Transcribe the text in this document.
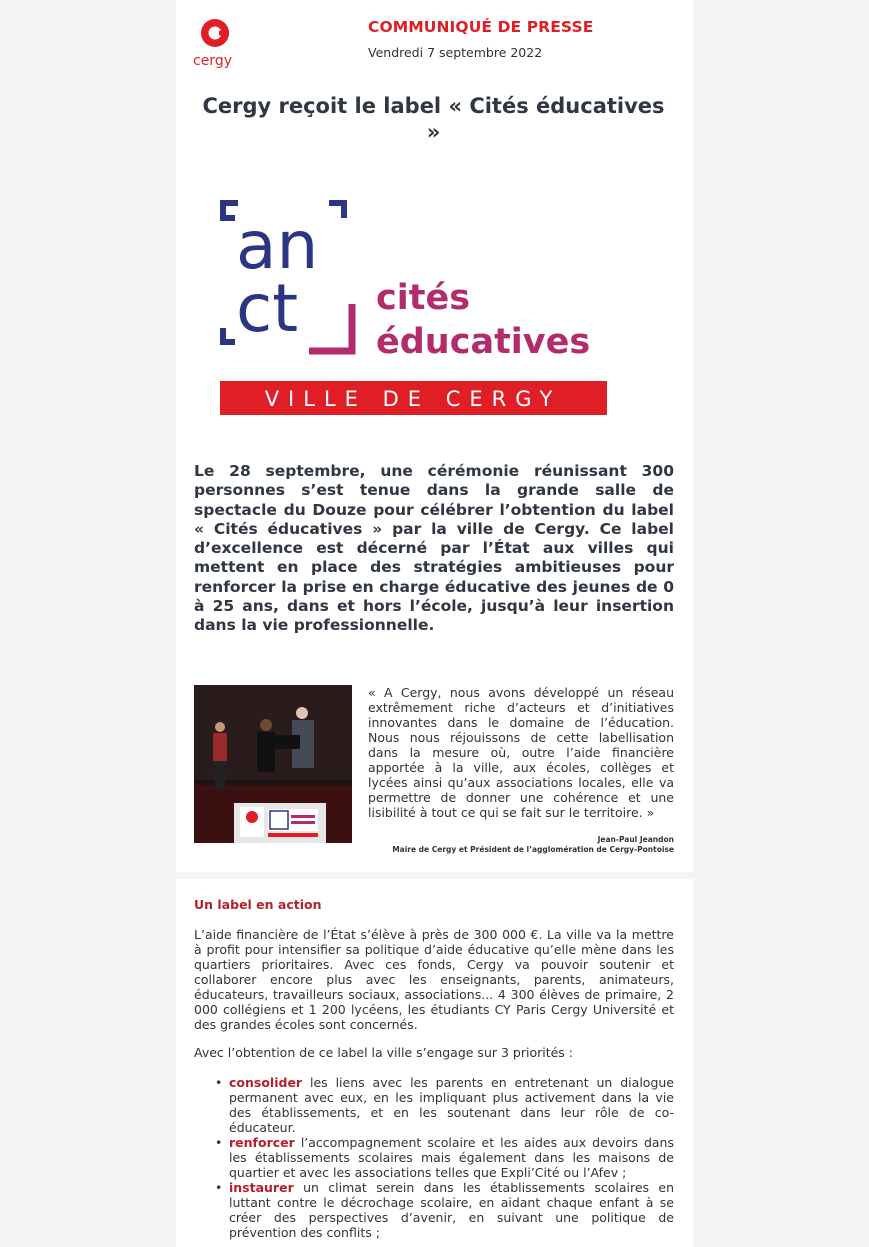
cergy
COMMUNIQUÉ DE PRESSE
Vendredi 7 septembre 2022
Cergy reçoit le label « Cités éducatives »
an
ct cités
éducatives
VILLE DE CERGY
Le 28 septembre, une cérémonie réunissant 300 personnes s’est tenue dans la grande salle de spectacle du Douze pour célébrer l’obtention du label « Cités éducatives » par la ville de Cergy. Ce label d’excellence est décerné par l’État aux villes qui mettent en place des stratégies ambitieuses pour renforcer la prise en charge éducative des jeunes de 0 à 25 ans, dans et hors l’école, jusqu’à leur insertion dans la vie professionnelle.
« A Cergy, nous avons développé un réseau extrêmement riche d’acteurs et d’initiatives innovantes dans le domaine de l’éducation. Nous nous réjouissons de cette labellisation dans la mesure où, outre l’aide financière apportée à la ville, aux écoles, collèges et lycées ainsi qu’aux associations locales, elle va permettre de donner une cohérence et une lisibilité à tout ce qui se fait sur le territoire. »
Jean-Paul Jeandon
Maire de Cergy et Président de l’agglomération de Cergy-Pontoise
Un label en action
L’aide financière de l’État s’élève à près de 300 000 €. La ville va la mettre à profit pour intensifier sa politique d’aide éducative qu’elle mène dans les quartiers prioritaires. Avec ces fonds, Cergy va pouvoir soutenir et collaborer encore plus avec les enseignants, parents, animateurs, éducateurs, travailleurs sociaux, associations... 4 300 élèves de primaire, 2 000 collégiens et 1 200 lycéens, les étudiants CY Paris Cergy Université et des grandes écoles sont concernés.
Avec l’obtention de ce label la ville s’engage sur 3 priorités :
• consolider les liens avec les parents en entretenant un dialogue permanent avec eux, en les impliquant plus activement dans la vie des établissements, et en les soutenant dans leur rôle de co-éducateur.
• renforcer l’accompagnement scolaire et les aides aux devoirs dans les établissements scolaires mais également dans les maisons de quartier et avec les associations telles que Expli’Cité ou l’Afev ;
• instaurer un climat serein dans les établissements scolaires en luttant contre le décrochage scolaire, en aidant chaque enfant à se créer des perspectives d’avenir, en suivant une politique de prévention des conflits ;
